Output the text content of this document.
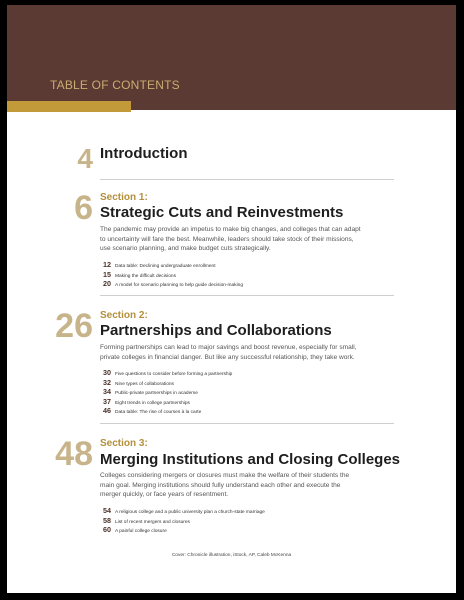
TABLE OF CONTENTS
4 Introduction
6 Section 1:
Strategic Cuts and Reinvestments
The pandemic may provide an impetus to make big changes, and colleges that can adapt to uncertainty will fare the best. Meanwhile, leaders should take stock of their missions, use scenario planning, and make budget cuts strategically.
12 Data table: Declining undergraduate enrollment
15 Making the difficult decisions
20 A model for scenario planning to help guide decision-making
26 Section 2:
Partnerships and Collaborations
Forming partnerships can lead to major savings and boost revenue, especially for small, private colleges in financial danger. But like any successful relationship, they take work.
30 Five questions to consider before forming a partnership
32 Nine types of collaborations
34 Public-private partnerships in academe
37 Eight trends in college partnerships
46 Data table: The rise of courses à la carte
48 Section 3:
Merging Institutions and Closing Colleges
Colleges considering mergers or closures must make the welfare of their students the main goal. Merging institutions should fully understand each other and execute the merger quickly, or face years of resentment.
54 A religious college and a public university plan a church-state marriage
58 List of recent mergers and closures
60 A painful college closure
Cover: Chronicle illustration, iStock, AP, Caleb McKenna
